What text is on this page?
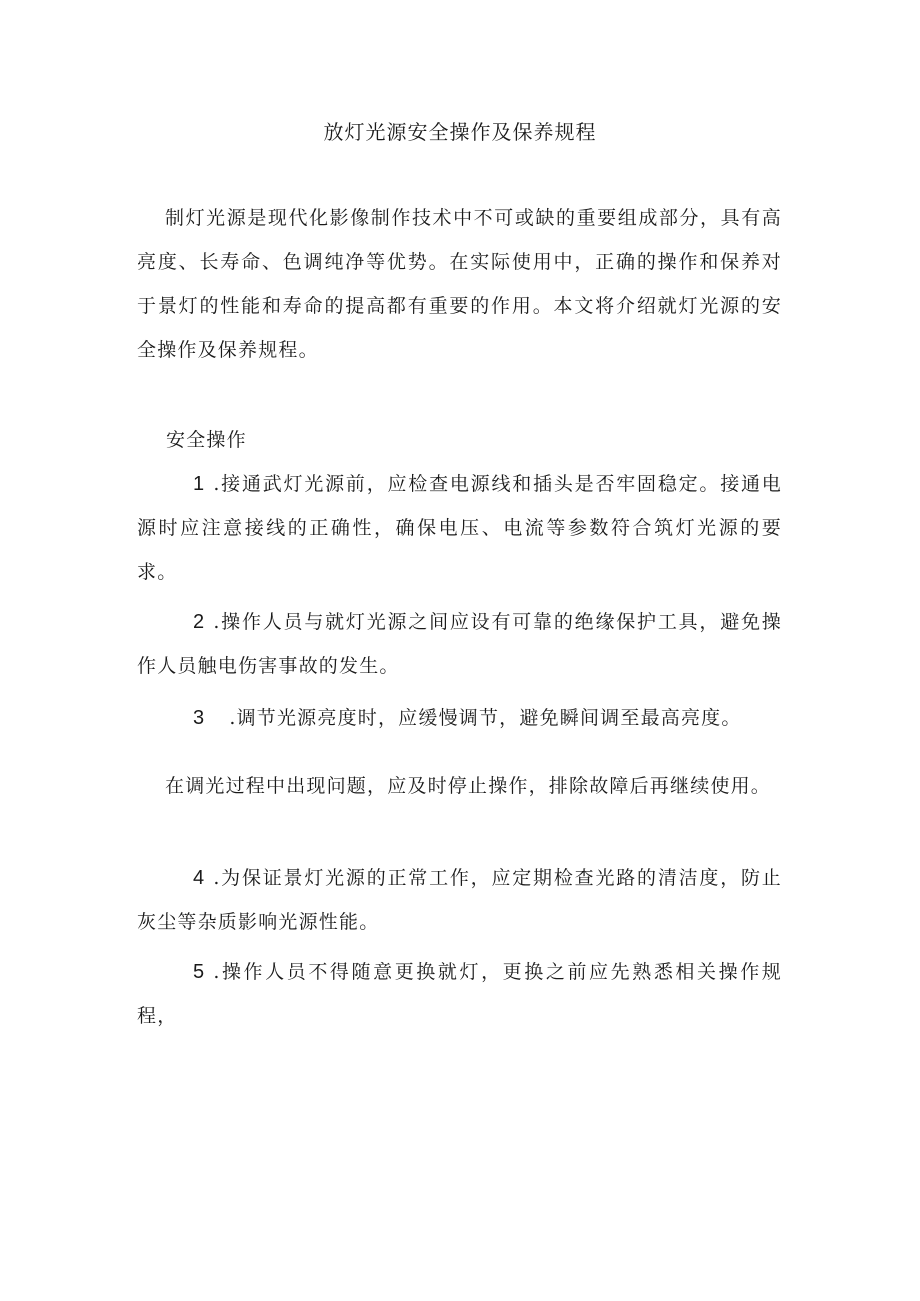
放灯光源安全操作及保养规程

制灯光源是现代化影像制作技术中不可或缺的重要组成部分，具有高亮度、长寿命、色调纯净等优势。在实际使用中，正确的操作和保养对于景灯的性能和寿命的提高都有重要的作用。本文将介绍就灯光源的安全操作及保养规程。

安全操作

1 .接通武灯光源前，应检查电源线和插头是否牢固稳定。接通电源时应注意接线的正确性，确保电压、电流等参数符合筑灯光源的要求。

2 .操作人员与就灯光源之间应设有可靠的绝缘保护工具，避免操作人员触电伤害事故的发生。

3 .调节光源亮度时，应缓慢调节，避免瞬间调至最高亮度。

在调光过程中出现问题，应及时停止操作，排除故障后再继续使用。

4 .为保证景灯光源的正常工作，应定期检查光路的清洁度，防止灰尘等杂质影响光源性能。

5 .操作人员不得随意更换就灯，更换之前应先熟悉相关操作规程，
